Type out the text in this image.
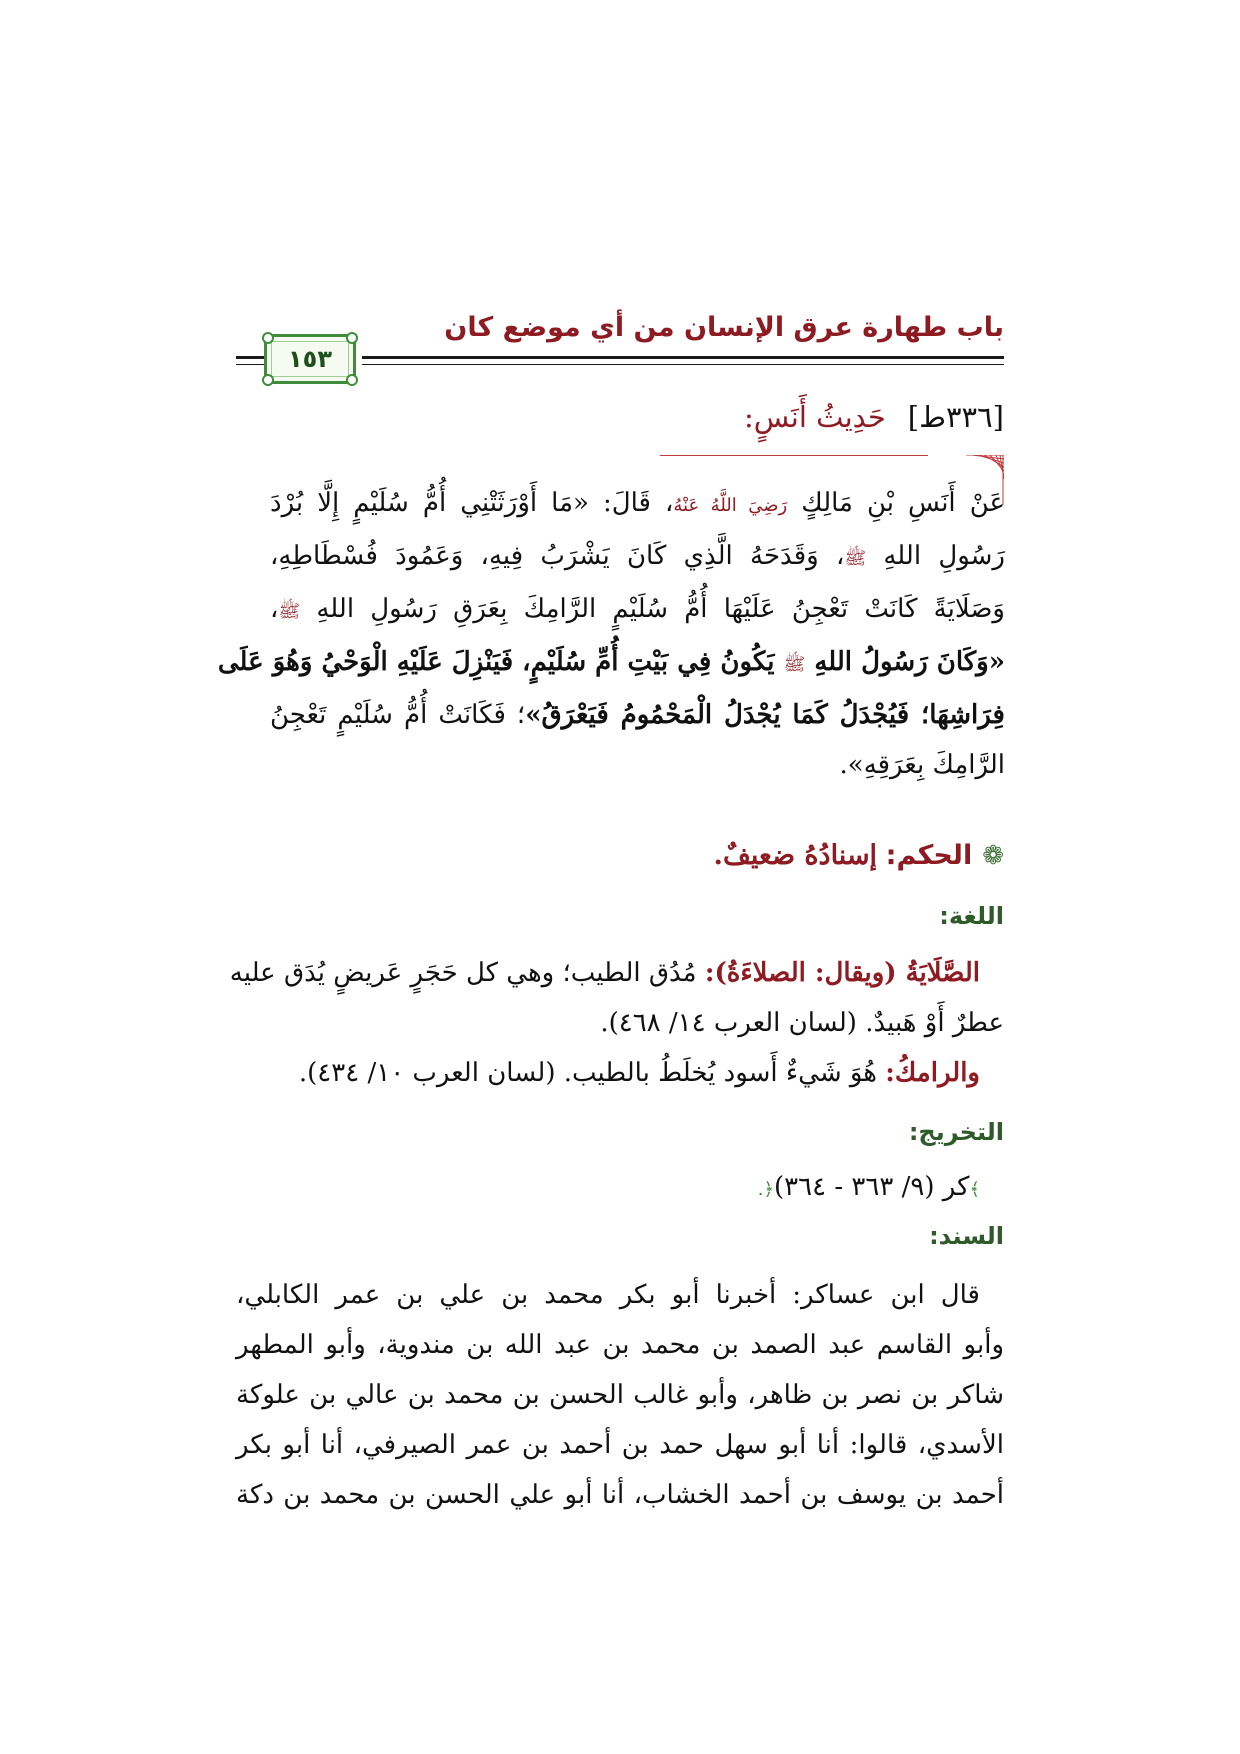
باب طهارة عرق الإنسان من أي موضع كان
١٥٣
[٣٣٦ط]حَدِيثُ أَنَسٍ:
عَنْ أَنَسِ بْنِ مَالِكٍ رَضِيَ اللَّهُ عَنْهُ، قَالَ: «مَا أَوْرَثَتْنِي أُمُّ سُلَيْمٍ إِلَّا بُرْدَ
رَسُولِ اللهِ ﷺ، وَقَدَحَهُ الَّذِي كَانَ يَشْرَبُ فِيهِ، وَعَمُودَ فُسْطَاطِهِ،
وَصَلَايَةً كَانَتْ تَعْجِنُ عَلَيْهَا أُمُّ سُلَيْمٍ الرَّامِكَ بِعَرَقِ رَسُولِ اللهِ ﷺ،
«وَكَانَ رَسُولُ اللهِ ﷺ يَكُونُ فِي بَيْتِ أُمِّ سُلَيْمٍ، فَيَنْزِلَ عَلَيْهِ الْوَحْيُ وَهُوَ عَلَى
فِرَاشِهَا؛ فَيُجْدَلُ كَمَا يُجْدَلُ الْمَحْمُومُ فَيَعْرَقُ»؛ فَكَانَتْ أُمُّ سُلَيْمٍ تَعْجِنُ
الرَّامِكَ بِعَرَقِهِ».
❁الحكم: إسنادُهُ ضعيفٌ.
اللغة:
الصَّلَايَةُ (ويقال: الصلاءَةُ): مُدُق الطيب؛ وهي كل حَجَرٍ عَريضٍ يُدَق عليه
عطرٌ أَوْ هَبيدٌ. (لسان العرب ١٤/ ٤٦٨).
والرامكُ: هُوَ شَيءٌ أَسود يُخلَطُ بالطيب. (لسان العرب ١٠/ ٤٣٤).
التخريج:
﴾كر (٩/ ٣٦٣ - ٣٦٤)﴿.
السند:
قال ابن عساكر: أخبرنا أبو بكر محمد بن علي بن عمر الكابلي،
وأبو القاسم عبد الصمد بن محمد بن عبد الله بن مندوية، وأبو المطهر
شاكر بن نصر بن ظاهر، وأبو غالب الحسن بن محمد بن عالي بن علوكة
الأسدي، قالوا: أنا أبو سهل حمد بن أحمد بن عمر الصيرفي، أنا أبو بكر
أحمد بن يوسف بن أحمد الخشاب، أنا أبو علي الحسن بن محمد بن دكة
